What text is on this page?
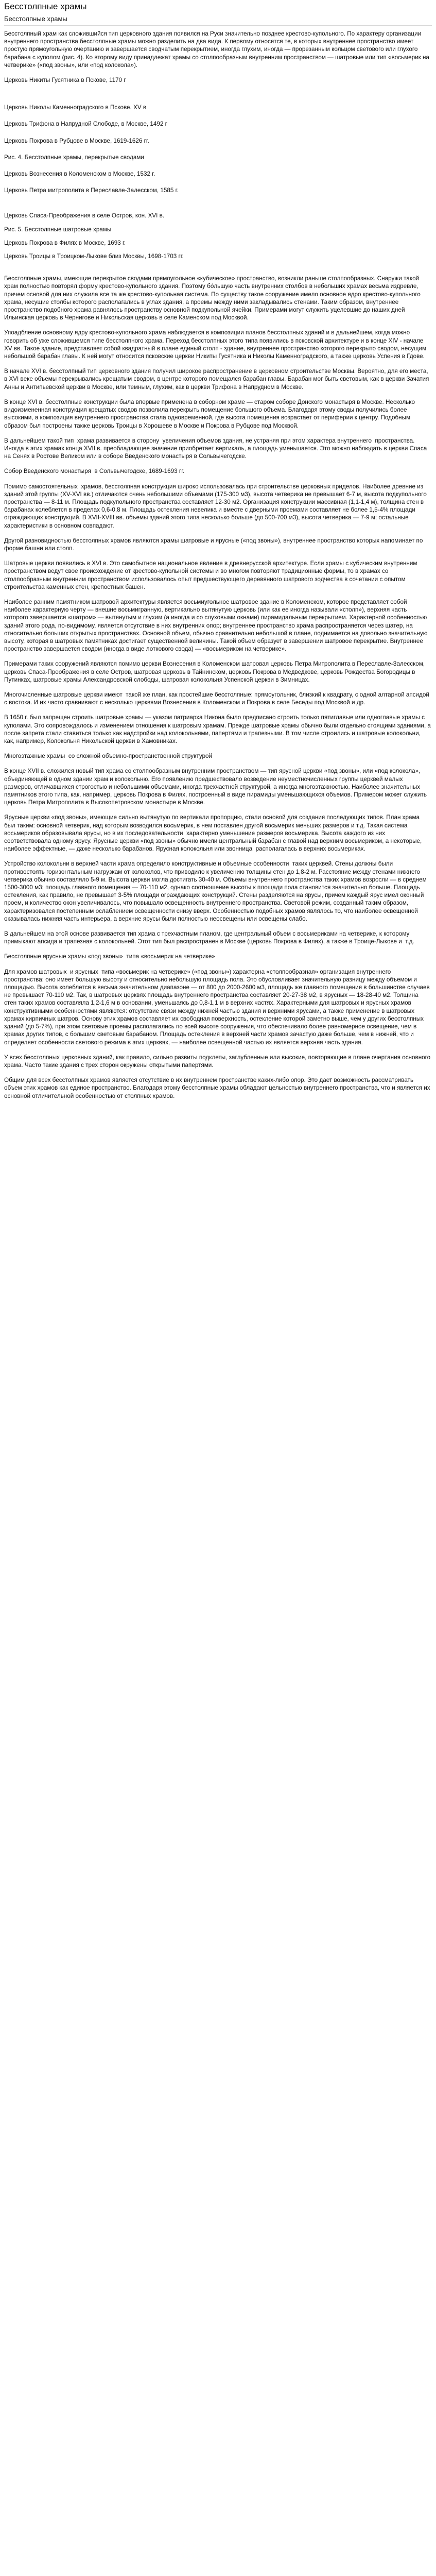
Бесстолпные храмы
Бесстолпные храмы
Бесстолпный храм как сложившийся тип церковного здания появился на Руси значительно позднее крестово-купольного. По характеру организации внутреннего пространства бесстолпные храмы можно разделить на два вида. К первому относятся те, в которых внутреннее пространство имеет простую прямоугольную очертанию и завершается сводчатым перекрытием, иногда глухим, иногда — прорезанным кольцом светового или глухого барабана с куполом (рис. 4). Ко второму виду принадлежат храмы со столпообразным внутренним пространством — шатровые или тип «восьмерик на четверике» («под звоны», или «под колокола»).
Церковь Никиты Гусятника в Пскове, 1170 г
Церковь Николы Каменноградского в Пскове. XV в
Церковь Трифона в Напрудной Слободе, в Москве, 1492 г
Церковь Покрова в Рубцове в Москве, 1619-1626 гг.
Рис. 4. Бесстолпные храмы, перекрытые сводами
Церковь Вознесения в Коломенском в Москве, 1532 г.
Церковь Петра митрополита в Переславле-Залесском, 1585 г.
Церковь Спаса-Преображения в селе Остров, кон. XVI в.
Рис. 5. Бесстолпные шатровые храмы
Церковь Покрова в Филях в Москве, 1693 г.
Церковь Троицы в Троицком-Лыкове близ Москвы, 1698-1703 гг.
Бесстолпные храмы, имеющие перекрытое сводами прямоугольное «кубическое» пространство, возникли раньше столпообразных. Снаружи такой храм полностью повторял форму крестово-купольного здания. Поэтому бóльшую часть внутренних столбов в небольших храмах весьма издревле, причем основой для них служила все та же крестово-купольная система. По существу такое сооружение имело основное ядро крестово-купольного храма, несущие столбы которого располагались в углах здания, а проемы между ними закладывались стенами. Таким образом, внутреннее пространство подобного храма равнялось пространству основной подкупольной ячейки. Примерами могут служить уцелевшие до наших дней Ильинская церковь в Чернигове и Никольская церковь в селе Каменском под Москвой.
Упоадбление основному ядру крестово-купольного храма наблюдается в композиции планов бесстолпных зданий и в дальнейшем, когда можно говорить об уже сложившемся типе бесстолпного храма. Переход бесстолпных этого типа появились в псковской архитектуре и в конце XIV - начале XV вв. Такое здание, представляет собой квадратный в плане единый столп - здание, внутреннее пространство которого перекрыто сводом, несущим небольшой барабан главы. К ней могут относится псковские церкви Никиты Гусятника и Николы Каменноградского, а также церковь Успения в Гдове.
В начале XVI в. бесстолпный тип церковного здания получил широкое распространение в церковном строительстве Москвы. Вероятно, для его места, в XVI веке объемы перекрывались крещатым сводом, в центре которого помещался барабан главы. Барабан мог быть световым, как в церкви Зачатия Анны и Антипьевской церкви в Москве, или темным, глухим, как в церкви Трифона в Напрудном в Москве.
В конце XVI в. бесстолпные конструкции была впервые применена в соборном храме — старом соборе Донского монастыря в Москве. Несколько видоизмененная конструкция крещатых сводов позволила перекрыть помещение большого объема. Благодаря этому своды получились более высокими, а композиция внутреннего пространства стала одновременной, где высота помещения возрастает от периферии к центру. Подобным образом был построены также церковь Троицы в Хорошеве в Москве и Покрова в Рубцове под Москвой.
В дальнейшем такой тип  храма развивается в сторону  увеличения объемов здания, не устраняя при этом характера внутреннего  пространства. Иногда в этих храмах конца XVII в. преобладающее значение приобретает вертикаль, а площадь уменьшается. Это можно наблюдать в церкви Спаса на Сенях в Ростове Великом или в соборе Введенского монастыря в Сольвычегодске.
Собор Введенского монастыря  в Сольвычегодске, 1689-1693 гг.
Помимо самостоятельных  храмов, бесстолпная конструкция широко использовалась при строительстве церковных приделов. Наиболее древние из зданий этой группы (XV-XVI вв.) отличаются очень небольшими объемами (175-300 м3), высота четверика не превышает 6-7 м, высота подкупольного пространства — 8-11 м. Площадь подкупольного пространства составляет 12-30 м2. Организация конструкции массивная (1,1-1,4 м), толщина стен в барабанах колеблется в пределах 0,6-0,8 м. Площадь остекления невелика и вместе с дверными проемами составляет не более 1,5-4% площади ограждающих конструкций. В XVII-XVIII вв. объемы зданий этого типа несколько больше (до 500-700 м3), высота четверика — 7-9 м; остальные характеристики в основном совпадают.
Другой разновидностью бесстолпных храмов являются храмы шатровые и ярусные («под звоны»), внутреннее пространство которых напоминает по форме башни или столп.
Шатровые церкви появились в XVI в. Это самобытное национальное явление в древнерусской архитектуре. Если храмы с кубическим внутренним пространством ведут свое происхождение от крестово-купольной системы и во многом повторяют традиционные формы, то в храмах со столпообразным внутренним пространством использовалось опыт предшествующего деревянного шатрового зодчества в сочетании с опытом строительства каменных стен, крепостных башен.
Наиболее ранним памятником шатровой архитектуры является восьмиугольное шатровое здание в Коломенском, которое представляет собой наиболее характерную черту — внешне восьмигранную, вертикально вытянутую церковь (или как ее иногда называли «столп»), верхняя часть которого завершается «шатром» — вытянутым и глухим (а иногда и со слуховыми окнами) пирамидальным перекрытием. Характерной особенностью зданий этого рода, по-видимому, является отсутствие в них внутренних опор; внутреннее пространство храма распространяется через шатер, на относительно больших открытых пространствах. Основной объем, обычно сравнительно небольшой в плане, поднимается на довольно значительную высоту, которая в шатровых памятниках достигает существенной величины. Такой объем образует в завершении шатровое перекрытие. Внутреннее пространство завершается сводом (иногда в виде лоткового свода) — «восьмериком на четверике».
Примерами таких сооружений являются помимо церкви Вознесения в Коломенском шатровая церковь Петра Митрополита в Переславле-Залесском, церковь Спаса-Преображения в селе Остров, шатровая церковь в Тайнинском, церковь Покрова в Медведкове, церковь Рождества Богородицы в Путинках, шатровые храмы Александровской слободы, шатровая колокольня Успенской церкви в Зимницах.
Многочисленные шатровые церкви имеют  такой же план, как простейшие бесстолпные: прямоугольник, близкий к квадрату, с одной алтарной апсидой с востока. И их часто сравнивают с несколько церквями Вознесения в Коломенском и Покрова в селе Беседы под Москвой и др.
В 1650 г. был запрещен строить шатровые храмы — указом патриарха Никона было предписано строить только пятиглавые или одноглавые храмы с куполами. Это сопровождалось и изменением отношения к шатровым храмам. Прежде шатровые храмы обычно были отдельно стоящими зданиями, а после запрета стали ставиться только как надстройки над колокольнями, папертями и трапезными. В том числе строились и шатровые колокольни, как, например, Колокольня Никольской церкви в Хамовниках.
Многоэтажные храмы  со сложной объемно-пространственной структурой
В конце XVII в. сложился новый тип храма со столпообразным внутренним пространством — тип ярусной церкви «под звоны», или «под колокола», объединяющей в одном здании храм и колокольню. Его появлению предшествовало возведение неуместночисленных группы церквей малых размеров, отличавшихся строгостью и небольшими объемами, иногда трехчастной структурой, а иногда многоэтажностью. Наиболее значительных памятников этого типа, как, например, церковь Покрова в Филях, построенный в виде пирамиды уменьшающихся объемов. Примером может служить церковь Петра Митрополита в Высокопетровском монастыре в Москве.
Ярусные церкви «под звоны», имеющие сильно вытянутую по вертикали пропорцию, стали основой для создания последующих типов. План храма был таким: основной четверик, над которым возводился восьмерик, в нем поставлен другой восьмерик меньших размеров и т.д. Такая система восьмериков образовывала ярусы, но в их последовательности  характерно уменьшение размеров восьмерика. Высота каждого из них соответствовала одному ярусу. Ярусные церкви «под звоны» обычно имели центральный барабан с главой над верхним восьмериком, а некоторые, наиболее эффектные, — даже несколько барабанов. Ярусная колокольня или звонница  располагалась в верхних восьмериках.
Устройство колокольни в верхней части храма определило конструктивные и объемные особенности  таких церквей. Стены должны были противостоять горизонтальным нагрузкам от колоколов, что приводило к увеличению толщины стен до 1,8-2 м. Расстояние между стенами нижнего четверика обычно составляло 5-9 м. Высота церкви могла достигать 30-40 м. Объемы внутреннего пространства таких храмов возросли — в среднем 1500-3000 м3; площадь главного помещения — 70-110 м2, однако соотношение высоты к площади пола становится значительно больше. Площадь остекления, как правило, не превышает 3-5% площади ограждающих конструкций. Стены разделяются на ярусы, причем каждый ярус имел оконный проем, и количество окон увеличивалось, что повышало освещенность внутреннего пространства. Световой режим, созданный таким образом, характеризовался постепенным ослаблением освещенности снизу вверх. Особенностью подобных храмов являлось то, что наиболее освещенной оказывалась нижняя часть интерьера, а верхние ярусы были полностью неосвещены или освещены слабо.
В дальнейшем на этой основе развивается тип храма с трехчастным планом, где центральный объем с восьмериками на четверике, к которому примыкают апсида и трапезная с колокольней. Этот тип был распространен в Москве (церковь Покрова в Филях), а также в Троице-Лыкове и  т.д.
Бесстолпные ярусные храмы «под звоны»  типа «восьмерик на четверике»
Для храмов шатровых  и ярусных  типа «восьмерик на четверике» («под звоны») характерна «столпообразная» организация внутреннего пространства: оно имеет большую высоту и относительно небольшую площадь пола. Это обусловливает значительную разницу между объемом и площадью. Высота колеблется в весьма значительном диапазоне — от 800 до 2000-2600 м3, площадь же главного помещения в большинстве случаев не превышает 70-110 м2. Так, в шатровых церквях площадь внутреннего пространства составляет 20-27-38 м2, в ярусных — 18-28-40 м2. Толщина стен таких храмов составляла 1,2-1,6 м в основании, уменьшаясь до 0,8-1,1 м в верхних частях. Характерными для шатровых и ярусных храмов конструктивными особенностями являются: отсутствие связи между нижней частью здания и верхними ярусами, а также применение в шатровых храмах кирпичных шатров. Основу этих храмов составляет их свободная поверхность, остекление которой заметно выше, чем у других бесстолпных зданий (до 5-7%), при этом световые проемы располагались по всей высоте сооружения, что обеспечивало более равномерное освещение, чем в храмах других типов, с большим световым барабаном. Площадь остекления в верхней части храмов зачастую даже больше, чем в нижней, что и определяет особенности светового режима в этих церквях, — наиболее освещенной частью их является верхняя часть здания.
У всех бесстолпных церковных зданий, как правило, сильно развиты подклеты, заглубленные или высокие, повторяющие в плане очертания основного храма. Часто такие здания с трех сторон окружены открытыми папертями.
Общим для всех бесстолпных храмов является отсутствие в их внутреннем пространстве каких-либо опор. Это дает возможность рассматривать объем этих храмов как единое пространство. Благодаря этому бесстолпные храмы обладают цельностью внутреннего пространства, что и является их основной отличительной особенностью от столпных храмов.
